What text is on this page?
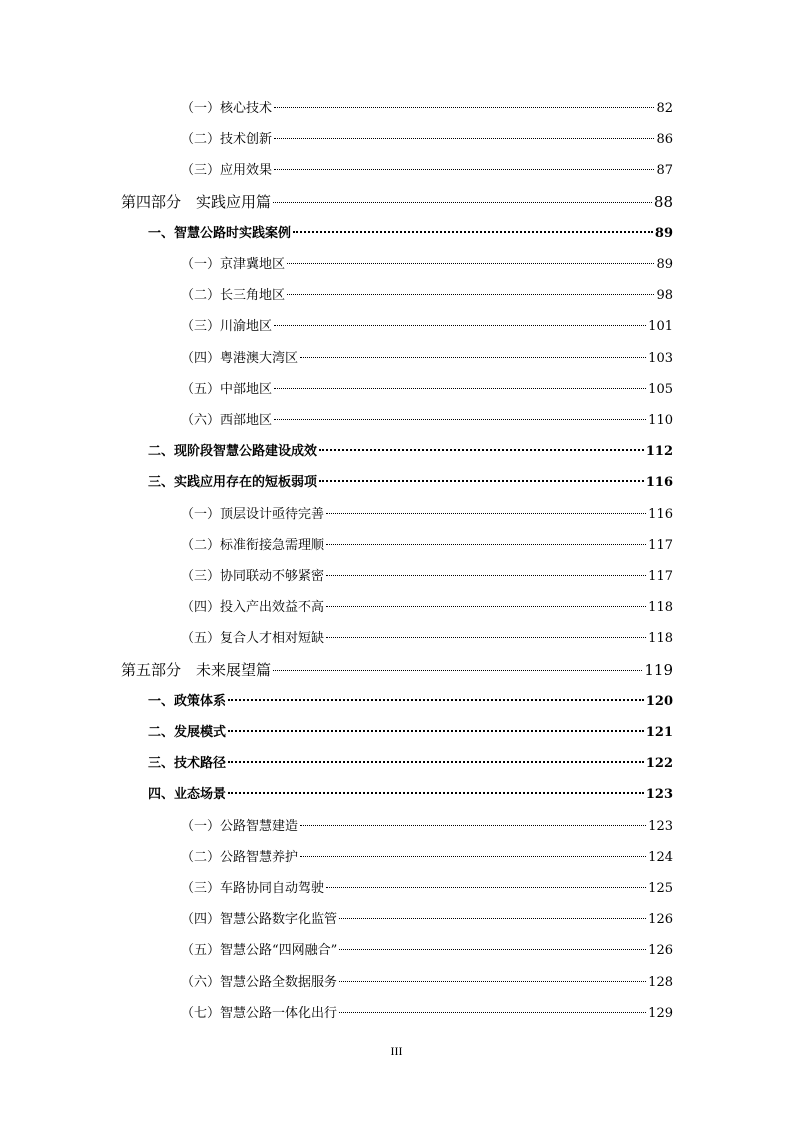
（一）核心技术	82
（二）技术创新	86
（三）应用效果	87
第四部分　实践应用篇	88
一、智慧公路时实践案例	89
（一）京津冀地区	89
（二）长三角地区	98
（三）川渝地区	101
（四）粤港澳大湾区	103
（五）中部地区	105
（六）西部地区	110
二、现阶段智慧公路建设成效	112
三、实践应用存在的短板弱项	116
（一）顶层设计亟待完善	116
（二）标准衔接急需理顺	117
（三）协同联动不够紧密	117
（四）投入产出效益不高	118
（五）复合人才相对短缺	118
第五部分　未来展望篇	119
一、政策体系	120
二、发展模式	121
三、技术路径	122
四、业态场景	123
（一）公路智慧建造	123
（二）公路智慧养护	124
（三）车路协同自动驾驶	125
（四）智慧公路数字化监管	126
（五）智慧公路“四网融合”	126
（六）智慧公路全数据服务	128
（七）智慧公路一体化出行	129
III
